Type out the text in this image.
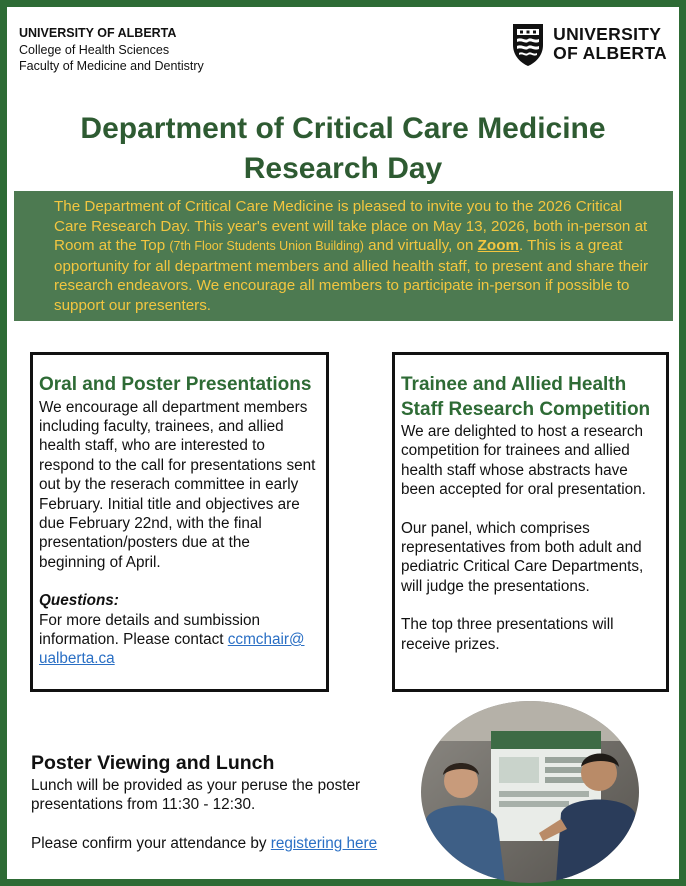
UNIVERSITY OF ALBERTA
College of Health Sciences
Faculty of Medicine and Dentistry
UNIVERSITY
OF ALBERTA
Department of Critical Care Medicine
Research Day
The Department of Critical Care Medicine is pleased to invite you to the 2026 Critical Care Research Day. This year's event will take place on May 13, 2026, both in-person at Room at the Top (7th Floor Students Union Building) and virtually, on Zoom. This is a great opportunity for all department members and allied health staff, to present and share their research endeavors. We encourage all members to participate in-person if possible to support our presenters.
Oral and Poster Presentations

We encourage all department members including faculty, trainees, and allied health staff, who are interested to respond to the call for presentations sent out by the reserach committee in early February. Initial title and objectives are due February 22nd, with the final presentation/posters due at the beginning of April.

Questions:

For more details and sumbission information. Please contact ccmchair@ ualberta.ca

Trainee and Allied Health Staff Research Competition

We are delighted to host a research competition for trainees and allied health staff whose abstracts have been accepted for oral presentation.

Our panel, which comprises representatives from both adult and pediatric Critical Care Departments, will judge the presentations.

The top three presentations will receive prizes.

Poster Viewing and Lunch

Lunch will be provided as your peruse the poster presentations from 11:30 - 12:30.

Please confirm your attendance by registering here
